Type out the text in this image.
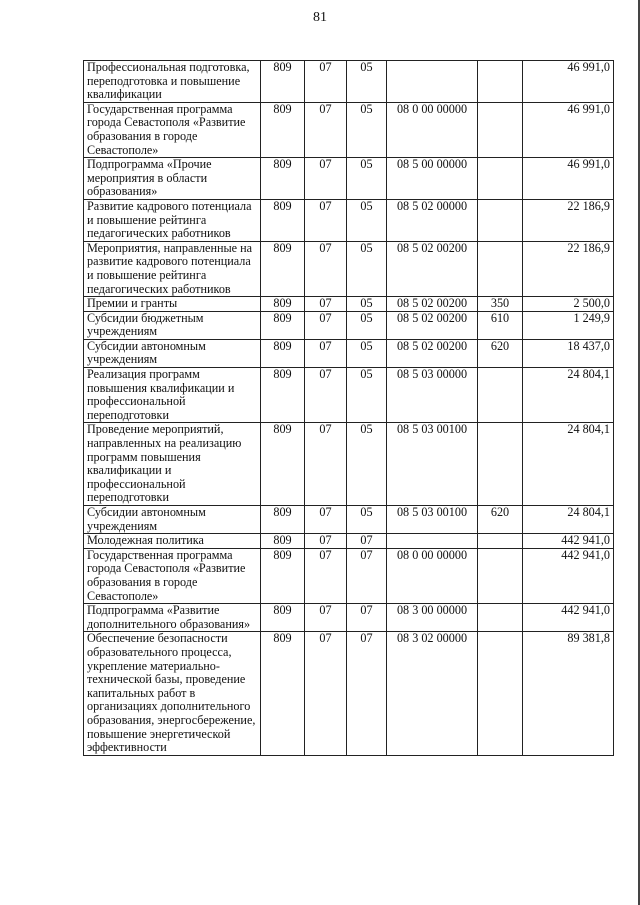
81
Профессиональная подготовка, переподготовка и повышение квалификации	809	07	05			46 991,0
Государственная программа города Севастополя «Развитие образования в городе Севастополе»	809	07	05	08 0 00 00000		46 991,0
Подпрограмма «Прочие мероприятия в области образования»	809	07	05	08 5 00 00000		46 991,0
Развитие кадрового потенциала и повышение рейтинга педагогических работников	809	07	05	08 5 02 00000		22 186,9
Мероприятия, направленные на развитие кадрового потенциала и повышение рейтинга педагогических работников	809	07	05	08 5 02 00200		22 186,9
Премии и гранты	809	07	05	08 5 02 00200	350	2 500,0
Субсидии бюджетным учреждениям	809	07	05	08 5 02 00200	610	1 249,9
Субсидии автономным учреждениям	809	07	05	08 5 02 00200	620	18 437,0
Реализация программ повышения квалификации и профессиональной переподготовки	809	07	05	08 5 03 00000		24 804,1
Проведение мероприятий, направленных на реализацию программ повышения квалификации и профессиональной переподготовки	809	07	05	08 5 03 00100		24 804,1
Субсидии автономным учреждениям	809	07	05	08 5 03 00100	620	24 804,1
Молодежная политика	809	07	07			442 941,0
Государственная программа города Севастополя «Развитие образования в городе Севастополе»	809	07	07	08 0 00 00000		442 941,0
Подпрограмма «Развитие дополнительного образования»	809	07	07	08 3 00 00000		442 941,0
Обеспечение безопасности образовательного процесса, укрепление материально-технической базы, проведение капитальных работ в организациях дополнительного образования, энергосбережение, повышение энергетической эффективности	809	07	07	08 3 02 00000		89 381,8
